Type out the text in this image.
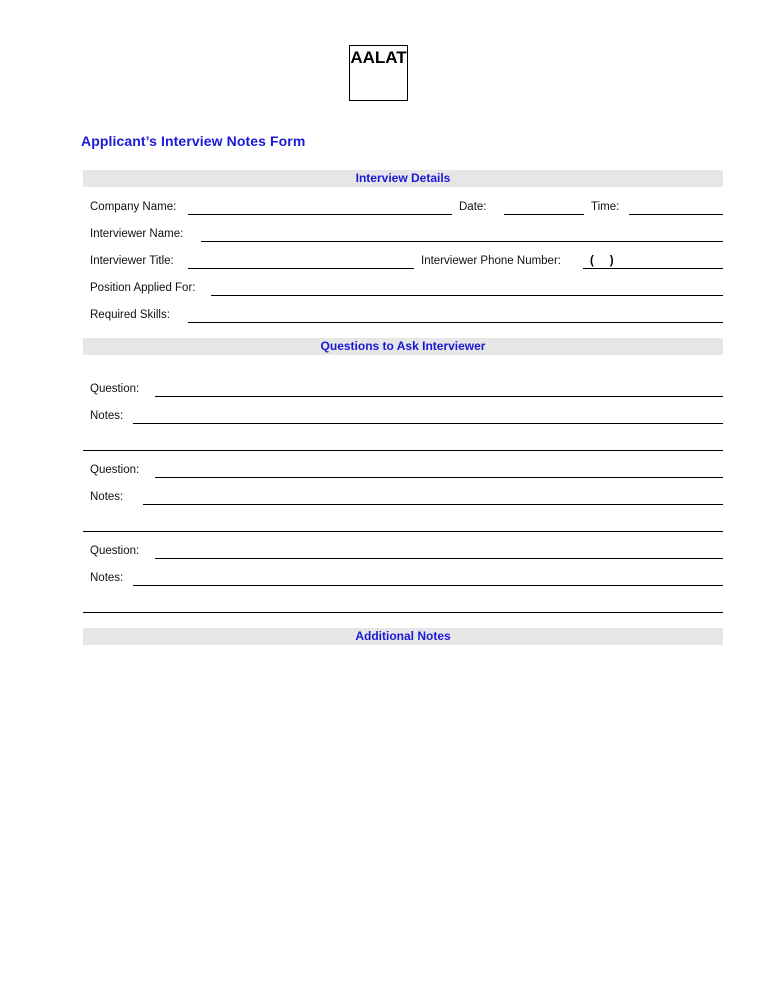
AALAT
Applicant’s Interview Notes Form
Interview Details
Company Name:	Date:	Time:
Interviewer Name:
Interviewer Title:	Interviewer Phone Number:	(     )
Position Applied For:
Required Skills:
Questions to Ask Interviewer
Question:
Notes:
Question:
Notes:
Question:
Notes:
Additional Notes
